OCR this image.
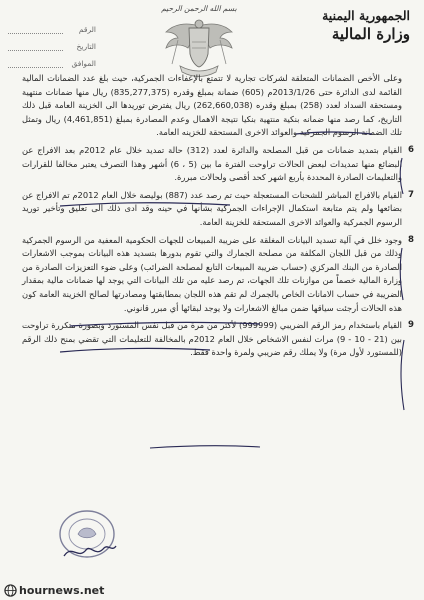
الجمهورية اليمنية
وزارة المالية
بسم الله الرحمن الرحيم
الرقم
التاريخ
الموافق

وعلى الأخص الضمانات المتعلقة لشركات تجارية لا تتمتع بالإعفاءات الجمركية، حيث بلغ عدد الضمانات المالية القائمة لدى الدائرة حتى 2013/1/26م (605) ضمانة بمبلغ وقدره (835,277,375) ريال منها ضمانات منتهية ومستحقة السداد لعدد (258) بمبلغ وقدره (262,660,038) ريال يفترض توريدها الى الخزينة العامة قبل ذلك التاريخ، كما رصد منها ضمانه بنكية منتهية بنكيا نتيجة الاهمال وعدم المصادرة بمبلغ (4,461,851) ريال وتمثل تلك الضمانة الرسوم الجمركية والعوائد الاخرى المستحقة للخزينه العامة.

6

القيام بتمديد ضمانات من قبل المصلحة والدائرة لعدد (312) حالة تمديد خلال عام 2012م بعد الافراج عن البضائع منها تمديدات لبعض الحالات تراوحت الفترة ما بين (5 ، 6) أشهر وهذا التصرف يعتبر مخالفا للقرارات والتعليمات الصادرة المحددة بأربع اشهر كحد أقصى ولحالات مبررة.

7

القيام بالافراج المباشر للشحنات المستعجلة حيث تم رصد عدد (887) بوليصة خلال العام 2012م تم الافراج عن بضائعها ولم يتم متابعة استكمال الإجراءات الجمركية بشأنها في حينه وقد ادى ذلك الى تعليق وتأخير توريد الرسوم الجمركية والعوائد الاخرى المستحقة للخزينة العامة.

8

وجود خلل في آلية تسديد البيانات المغلقة على ضريبة المبيعات للجهات الحكومية المعفية من الرسوم الجمركية وذلك من قبل اللجان المكلفة من مصلحة الجمارك والتي تقوم بدورها بتسديد هذه البيانات بموجب الاشعارات الصادرة من البنك المركزي (حساب ضريبة المبيعات التابع لمصلحة الضرائب) وعلى ضوء التعزيزات الصادرة من وزارة المالية خصماً من موازنات تلك الجهات، تم رصد عليه من تلك البيانات التي يوجد لها ضمانات مالية بمقدار الضريبة في حساب الامانات الخاص بالجمرك لم تقم هذه اللجان بمطابقتها ومصادرتها لصالح الخزينة العامة كون هذه الحالات أرجئت سياقها ضمن مبالغ الاشعارات ولا يوجد لبقائها أي مبرر قانوني.

9

القيام باستخدام رمز الرقم الضريبي (999999) لأكثر من مرة من قبل نفس المستورد وبصورة متكررة تراوحت بين (21 - 10 - 9) مرات لنفس الاشخاص خلال العام 2012م بالمخالفة للتعليمات التي تقضي بمنح ذلك الرقم (للمستورد لأول مرة) ولا يملك رقم ضريبي ولمرة واحدة فقط.

hournews.net
